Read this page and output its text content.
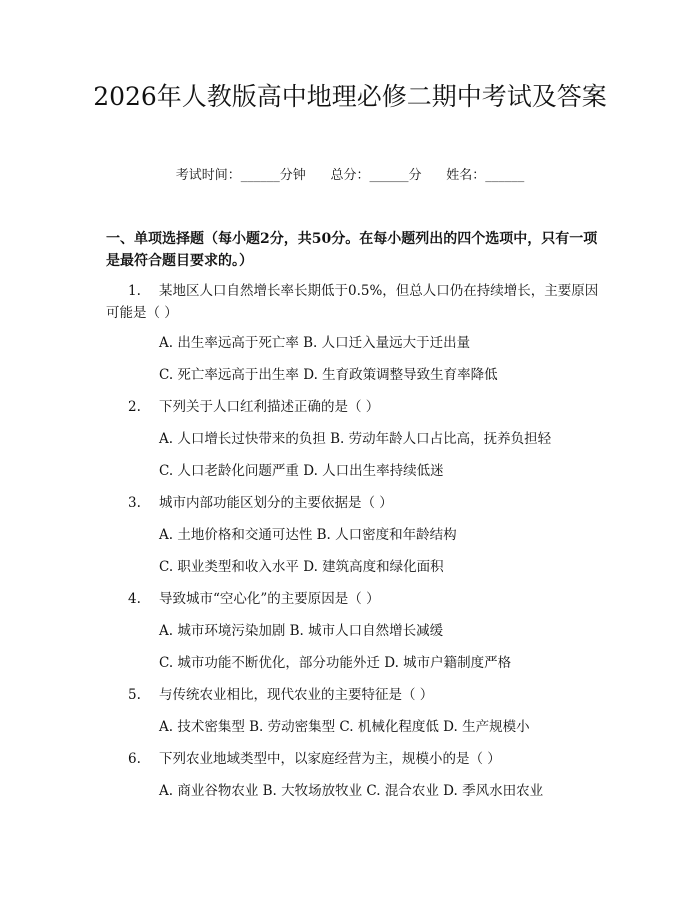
2026年人教版高中地理必修二期中考试及答案
考试时间：______分钟      总分：______分      姓名：______
一、单项选择题（每小题2分，共50分。在每小题列出的四个选项中，只有一项是最符合题目要求的。）
1. 某地区人口自然增长率长期低于0.5%，但总人口仍在持续增长，主要原因可能是（ ）
A. 出生率远高于死亡率 B. 人口迁入量远大于迁出量
C. 死亡率远高于出生率 D. 生育政策调整导致生育率降低
2. 下列关于人口红利描述正确的是（ ）
A. 人口增长过快带来的负担 B. 劳动年龄人口占比高，抚养负担轻
C. 人口老龄化问题严重 D. 人口出生率持续低迷
3. 城市内部功能区划分的主要依据是（ ）
A. 土地价格和交通可达性 B. 人口密度和年龄结构
C. 职业类型和收入水平 D. 建筑高度和绿化面积
4. 导致城市“空心化”的主要原因是（ ）
A. 城市环境污染加剧 B. 城市人口自然增长减缓
C. 城市功能不断优化，部分功能外迁 D. 城市户籍制度严格
5. 与传统农业相比，现代农业的主要特征是（ ）
A. 技术密集型 B. 劳动密集型 C. 机械化程度低 D. 生产规模小
6. 下列农业地域类型中，以家庭经营为主，规模小的是（ ）
A. 商业谷物农业 B. 大牧场放牧业 C. 混合农业 D. 季风水田农业
